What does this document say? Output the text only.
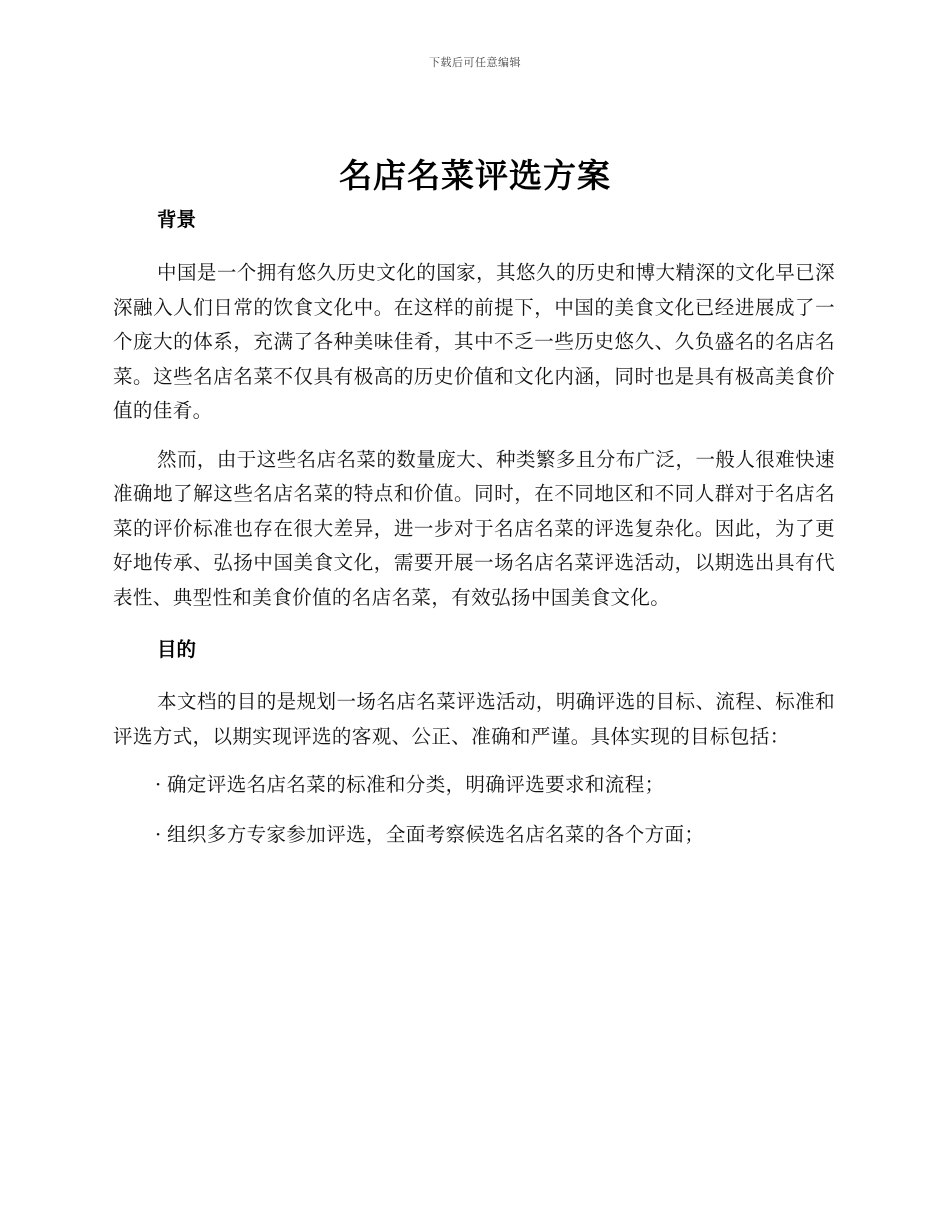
下载后可任意编辑
名店名菜评选方案
背景

中国是一个拥有悠久历史文化的国家，其悠久的历史和博大精深的文化早已深深融入人们日常的饮食文化中。在这样的前提下，中国的美食文化已经进展成了一个庞大的体系，充满了各种美味佳肴，其中不乏一些历史悠久、久负盛名的名店名菜。这些名店名菜不仅具有极高的历史价值和文化内涵，同时也是具有极高美食价值的佳肴。

然而，由于这些名店名菜的数量庞大、种类繁多且分布广泛，一般人很难快速准确地了解这些名店名菜的特点和价值。同时，在不同地区和不同人群对于名店名菜的评价标准也存在很大差异，进一步对于名店名菜的评选复杂化。因此，为了更好地传承、弘扬中国美食文化，需要开展一场名店名菜评选活动，以期选出具有代表性、典型性和美食价值的名店名菜，有效弘扬中国美食文化。

目的

本文档的目的是规划一场名店名菜评选活动，明确评选的目标、流程、标准和评选方式，以期实现评选的客观、公正、准确和严谨。具体实现的目标包括：

· 确定评选名店名菜的标准和分类，明确评选要求和流程；
· 组织多方专家参加评选，全面考察候选名店名菜的各个方面；
